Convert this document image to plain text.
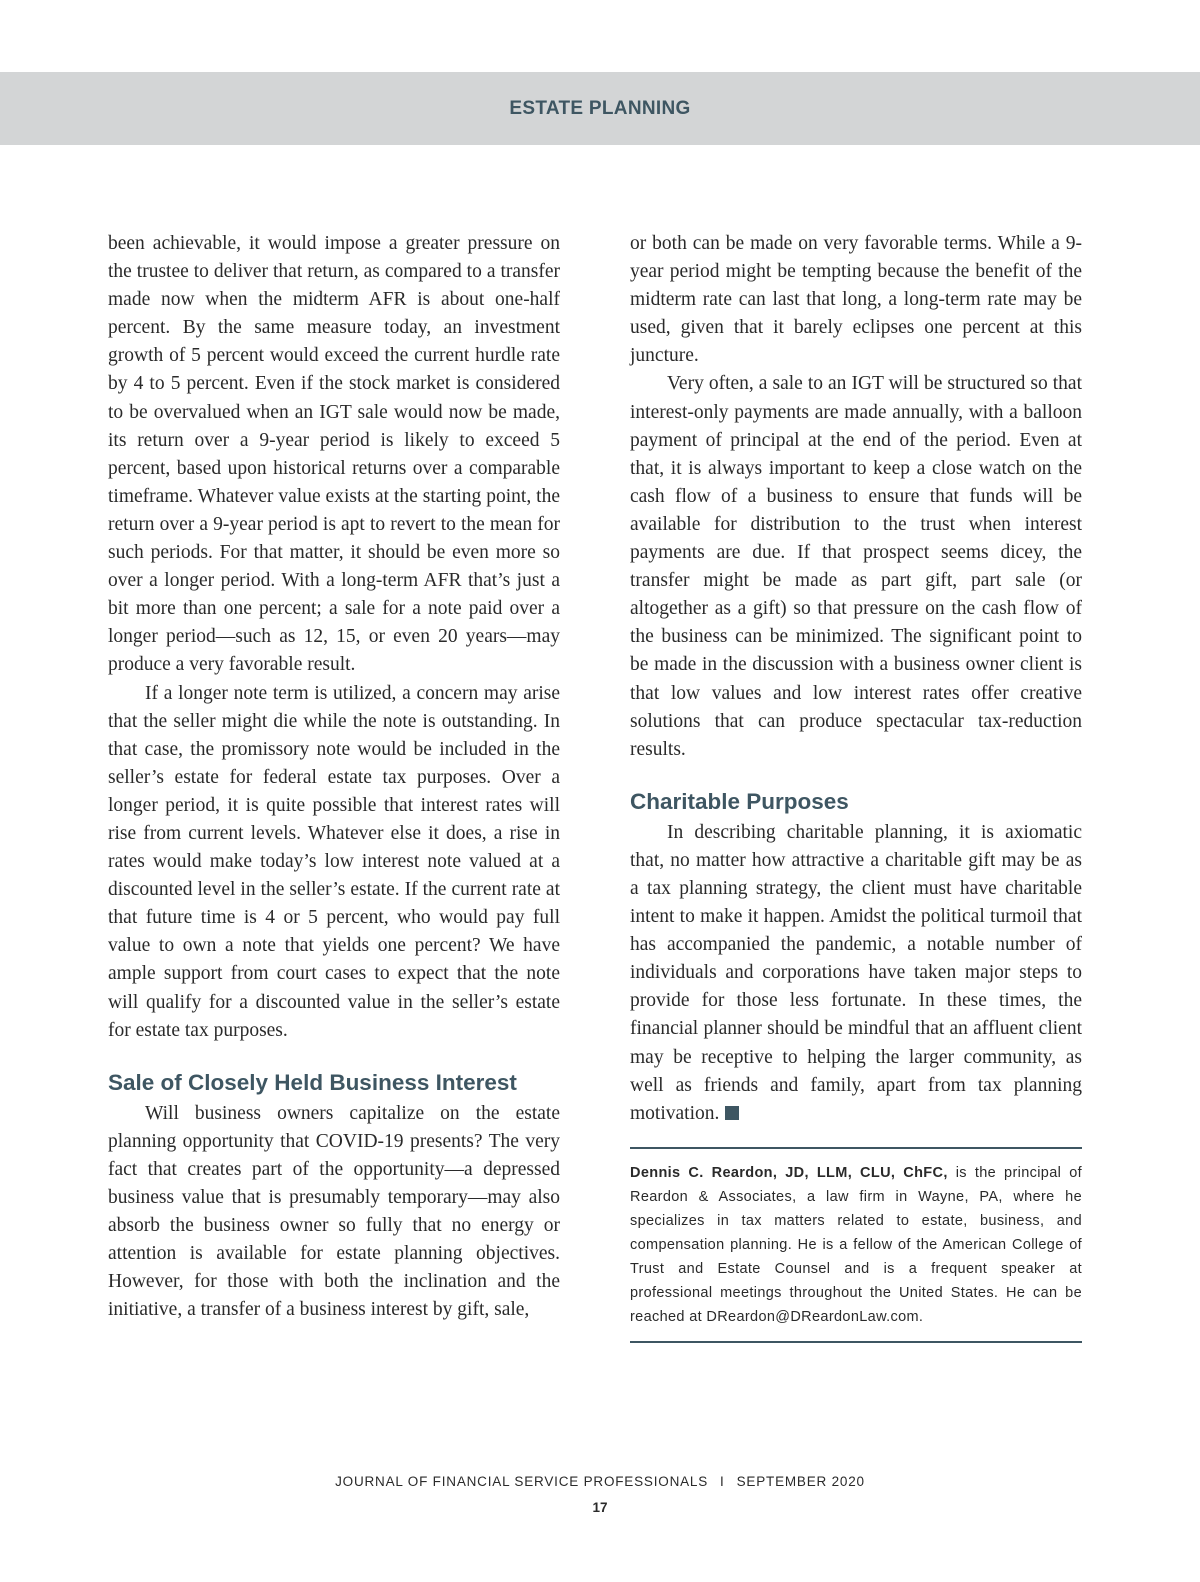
ESTATE PLANNING

been achievable, it would impose a greater pressure on the trustee to deliver that return, as compared to a transfer made now when the midterm AFR is about one-half percent. By the same measure today, an investment growth of 5 percent would exceed the current hurdle rate by 4 to 5 percent. Even if the stock market is considered to be overvalued when an IGT sale would now be made, its return over a 9-year period is likely to exceed 5 percent, based upon historical returns over a comparable timeframe. Whatever value exists at the starting point, the return over a 9-year period is apt to revert to the mean for such periods. For that matter, it should be even more so over a longer period. With a long-term AFR that’s just a bit more than one percent; a sale for a note paid over a longer period—such as 12, 15, or even 20 years—may produce a very favorable result.

If a longer note term is utilized, a concern may arise that the seller might die while the note is outstanding. In that case, the promissory note would be included in the seller’s estate for federal estate tax purposes. Over a longer period, it is quite possible that interest rates will rise from current levels. Whatever else it does, a rise in rates would make today’s low interest note valued at a discounted level in the seller’s estate. If the current rate at that future time is 4 or 5 percent, who would pay full value to own a note that yields one percent? We have ample support from court cases to expect that the note will qualify for a discounted value in the seller’s estate for estate tax purposes.

Sale of Closely Held Business Interest

Will business owners capitalize on the estate planning opportunity that COVID-19 presents? The very fact that creates part of the opportunity—a depressed business value that is presumably temporary—may also absorb the business owner so fully that no energy or attention is available for estate planning objectives. However, for those with both the inclination and the initiative, a transfer of a business interest by gift, sale,

or both can be made on very favorable terms. While a 9-year period might be tempting because the benefit of the midterm rate can last that long, a long-term rate may be used, given that it barely eclipses one percent at this juncture.

Very often, a sale to an IGT will be structured so that interest-only payments are made annually, with a balloon payment of principal at the end of the period. Even at that, it is always important to keep a close watch on the cash flow of a business to ensure that funds will be available for distribution to the trust when interest payments are due. If that prospect seems dicey, the transfer might be made as part gift, part sale (or altogether as a gift) so that pressure on the cash flow of the business can be minimized. The significant point to be made in the discussion with a business owner client is that low values and low interest rates offer creative solutions that can produce spectacular tax-reduction results.

Charitable Purposes

In describing charitable planning, it is axiomatic that, no matter how attractive a charitable gift may be as a tax planning strategy, the client must have charitable intent to make it happen. Amidst the political turmoil that has accompanied the pandemic, a notable number of individuals and corporations have taken major steps to provide for those less fortunate. In these times, the financial planner should be mindful that an affluent client may be receptive to helping the larger community, as well as friends and family, apart from tax planning motivation.

Dennis C. Reardon, JD, LLM, CLU, ChFC, is the principal of Reardon & Associates, a law firm in Wayne, PA, where he specializes in tax matters related to estate, business, and compensation planning. He is a fellow of the American College of Trust and Estate Counsel and is a frequent speaker at professional meetings throughout the United States. He can be reached at DReardon@DReardonLaw.com.
JOURNAL OF FINANCIAL SERVICE PROFESSIONALS I SEPTEMBER 2020
17
